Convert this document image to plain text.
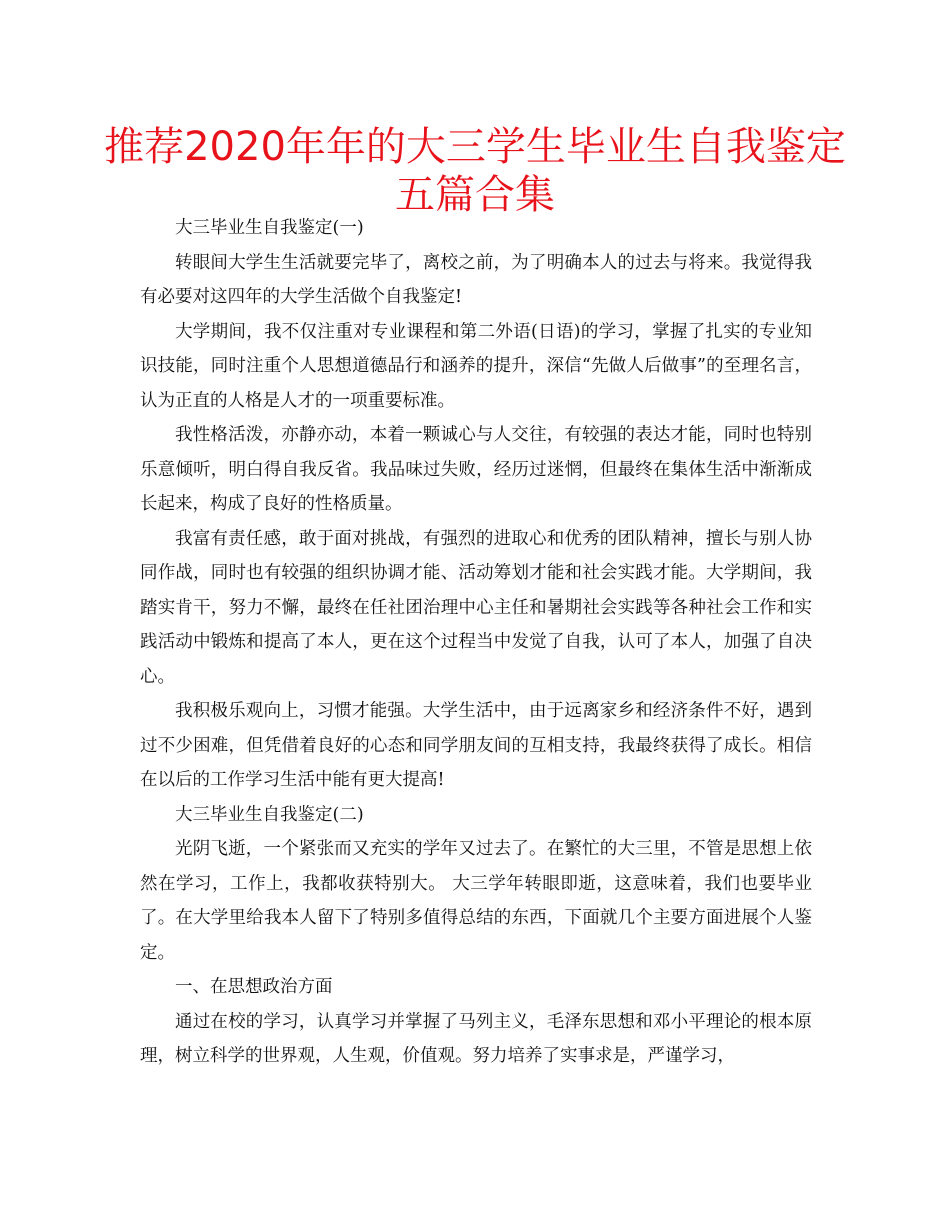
推荐2020年年的大三学生毕业生自我鉴定
五篇合集

大三毕业生自我鉴定(一)

转眼间大学生生活就要完毕了，离校之前，为了明确本人的过去与将来。我觉得我有必要对这四年的大学生活做个自我鉴定!

大学期间，我不仅注重对专业课程和第二外语(日语)的学习，掌握了扎实的专业知识技能，同时注重个人思想道德品行和涵养的提升，深信“先做人后做事”的至理名言，认为正直的人格是人才的一项重要标准。

我性格活泼，亦静亦动，本着一颗诚心与人交往，有较强的表达才能，同时也特别乐意倾听，明白得自我反省。我品味过失败，经历过迷惘，但最终在集体生活中渐渐成长起来，构成了良好的性格质量。

我富有责任感，敢于面对挑战，有强烈的进取心和优秀的团队精神，擅长与别人协同作战，同时也有较强的组织协调才能、活动筹划才能和社会实践才能。大学期间，我踏实肯干，努力不懈，最终在任社团治理中心主任和暑期社会实践等各种社会工作和实践活动中锻炼和提高了本人，更在这个过程当中发觉了自我，认可了本人，加强了自决心。

我积极乐观向上，习惯才能强。大学生活中，由于远离家乡和经济条件不好，遇到过不少困难，但凭借着良好的心态和同学朋友间的互相支持，我最终获得了成长。相信在以后的工作学习生活中能有更大提高!

大三毕业生自我鉴定(二)

光阴飞逝，一个紧张而又充实的学年又过去了。在繁忙的大三里，不管是思想上依然在学习，工作上，我都收获特别大。 大三学年转眼即逝，这意味着，我们也要毕业了。在大学里给我本人留下了特别多值得总结的东西，下面就几个主要方面进展个人鉴定。

一、在思想政治方面

通过在校的学习，认真学习并掌握了马列主义，毛泽东思想和邓小平理论的根本原理，树立科学的世界观，人生观，价值观。努力培养了实事求是，严谨学习，
